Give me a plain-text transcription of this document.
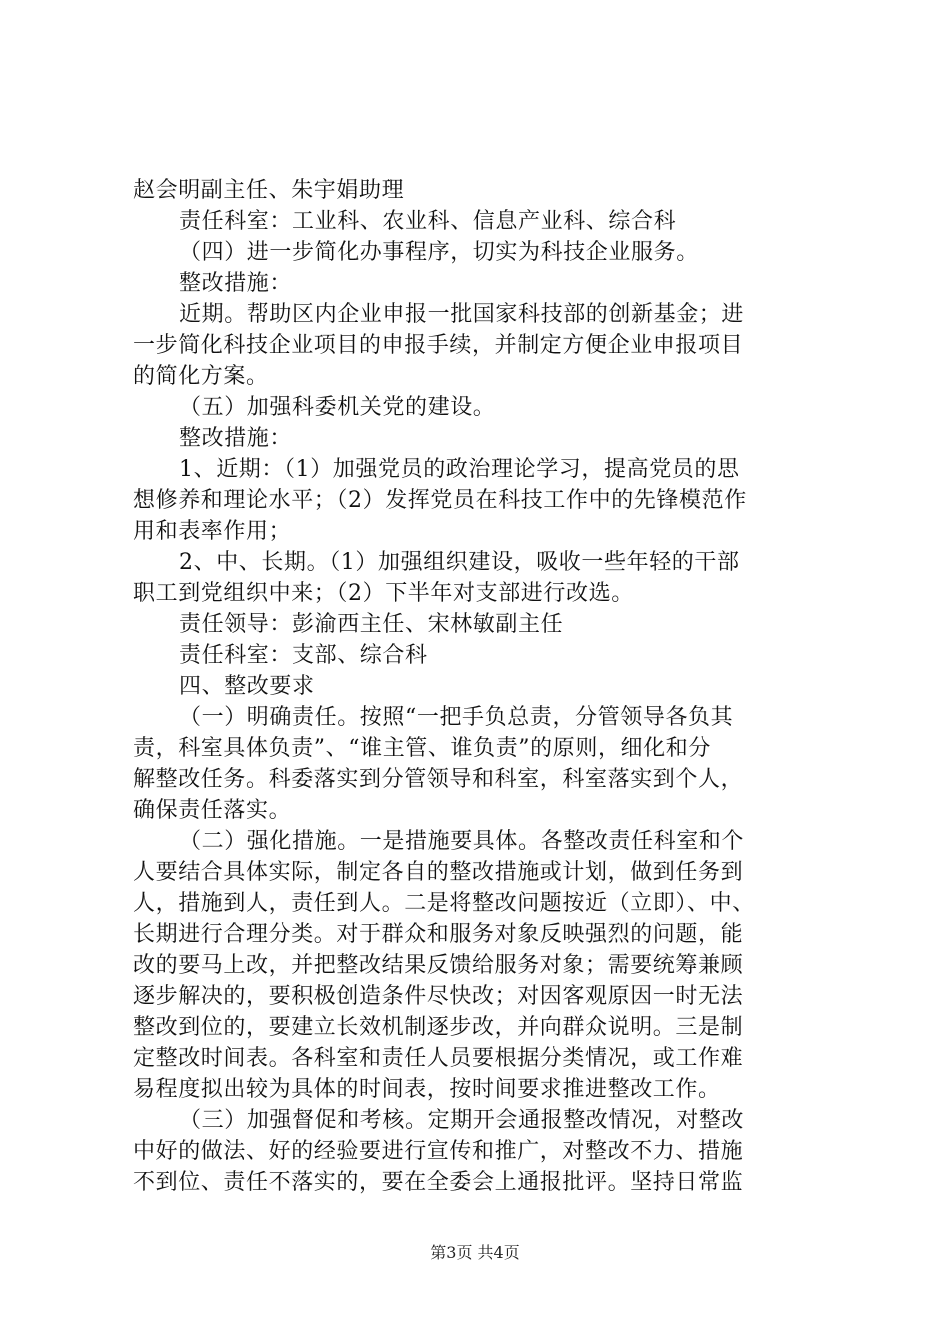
赵会明副主任、朱宇娟助理
责任科室：工业科、农业科、信息产业科、综合科
（四）进一步简化办事程序，切实为科技企业服务。
整改措施：
近期。帮助区内企业申报一批国家科技部的创新基金；进
一步简化科技企业项目的申报手续，并制定方便企业申报项目
的简化方案。
（五）加强科委机关党的建设。
整改措施：
1、近期：（1）加强党员的政治理论学习，提高党员的思
想修养和理论水平；（2）发挥党员在科技工作中的先锋模范作
用和表率作用；
2、中、长期。（1）加强组织建设，吸收一些年轻的干部
职工到党组织中来；（2）下半年对支部进行改选。
责任领导：彭渝西主任、宋林敏副主任
责任科室：支部、综合科
四、整改要求
（一）明确责任。按照“一把手负总责，分管领导各负其
责，科室具体负责”、“谁主管、谁负责”的原则，细化和分
解整改任务。科委落实到分管领导和科室，科室落实到个人，
确保责任落实。
（二）强化措施。一是措施要具体。各整改责任科室和个
人要结合具体实际，制定各自的整改措施或计划，做到任务到
人，措施到人，责任到人。二是将整改问题按近（立即）、中、
长期进行合理分类。对于群众和服务对象反映强烈的问题，能
改的要马上改，并把整改结果反馈给服务对象；需要统筹兼顾
逐步解决的，要积极创造条件尽快改；对因客观原因一时无法
整改到位的，要建立长效机制逐步改，并向群众说明。三是制
定整改时间表。各科室和责任人员要根据分类情况，或工作难
易程度拟出较为具体的时间表，按时间要求推进整改工作。
（三）加强督促和考核。定期开会通报整改情况，对整改
中好的做法、好的经验要进行宣传和推广，对整改不力、措施
不到位、责任不落实的，要在全委会上通报批评。坚持日常监
第3页 共4页
